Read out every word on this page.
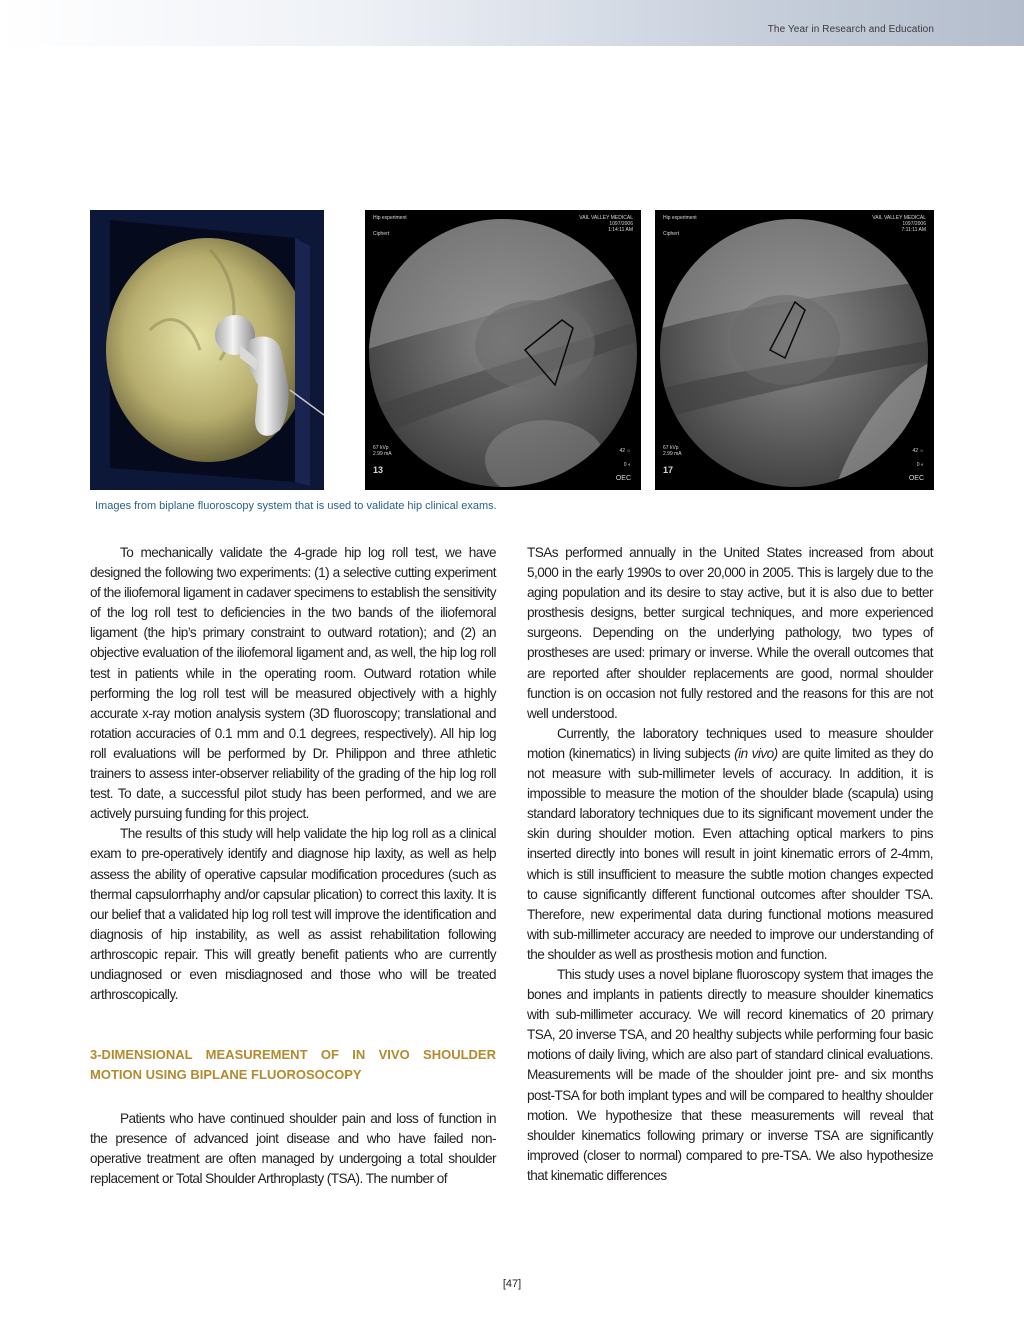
The Year in Research and Education
Hip experiment
Ciphert
VAIL VALLEY MEDICAL
1097/2006
1:14:11 AM
67 kVp
2.99 mA
13
42 ☼
0 ◐
OEC
Hip experiment
Ciphert
VAIL VALLEY MEDICAL
1097/2006
7:11:11 AM
67 kVp
2.99 mA
17
42 ☼
0 ◐
OEC
Images from biplane fluoroscopy system that is used to validate hip clinical exams.

To mechanically validate the 4-grade hip log roll test, we have designed the following two experiments: (1) a selective cutting experiment of the iliofemoral ligament in cadaver specimens to establish the sensitivity of the log roll test to deficiencies in the two bands of the iliofemoral ligament (the hip’s primary constraint to outward rotation); and (2) an objective evaluation of the iliofemoral ligament and, as well, the hip log roll test in patients while in the operating room. Outward rotation while performing the log roll test will be measured objectively with a highly accurate x-ray motion analysis system (3D fluoroscopy; translational and rotation accuracies of 0.1 mm and 0.1 degrees, respectively). All hip log roll evaluations will be performed by Dr. Philippon and three athletic trainers to assess inter-observer reliability of the grading of the hip log roll test. To date, a successful pilot study has been performed, and we are actively pursuing funding for this project.

The results of this study will help validate the hip log roll as a clinical exam to pre-operatively identify and diagnose hip laxity, as well as help assess the ability of operative capsular modification procedures (such as thermal capsulorrhaphy and/or capsular plication) to correct this laxity. It is our belief that a validated hip log roll test will improve the identification and diagnosis of hip instability, as well as assist rehabilitation following arthroscopic repair. This will greatly benefit patients who are currently undiagnosed or even misdiagnosed and those who will be treated arthroscopically.

3-DIMENSIONAL MEASUREMENT OF IN VIVO SHOULDER MOTION USING BIPLANE FLUOROSOCOPY

Patients who have continued shoulder pain and loss of function in the presence of advanced joint disease and who have failed non-operative treatment are often managed by undergoing a total shoulder replacement or Total Shoulder Arthroplasty (TSA). The number of

TSAs performed annually in the United States increased from about 5,000 in the early 1990s to over 20,000 in 2005. This is largely due to the aging population and its desire to stay active, but it is also due to better prosthesis designs, better surgical techniques, and more experienced surgeons. Depending on the underlying pathology, two types of prostheses are used: primary or inverse. While the overall outcomes that are reported after shoulder replacements are good, normal shoulder function is on occasion not fully restored and the reasons for this are not well understood.

Currently, the laboratory techniques used to measure shoulder motion (kinematics) in living subjects (in vivo) are quite limited as they do not measure with sub-millimeter levels of accuracy. In addition, it is impossible to measure the motion of the shoulder blade (scapula) using standard laboratory techniques due to its significant movement under the skin during shoulder motion. Even attaching optical markers to pins inserted directly into bones will result in joint kinematic errors of 2-4mm, which is still insufficient to measure the subtle motion changes expected to cause significantly different functional outcomes after shoulder TSA. Therefore, new experimental data during functional motions measured with sub-millimeter accuracy are needed to improve our understanding of the shoulder as well as prosthesis motion and function.

This study uses a novel biplane fluoroscopy system that images the bones and implants in patients directly to measure shoulder kinematics with sub-millimeter accuracy. We will record kinematics of 20 primary TSA, 20 inverse TSA, and 20 healthy subjects while performing four basic motions of daily living, which are also part of standard clinical evaluations. Measurements will be made of the shoulder joint pre- and six months post-TSA for both implant types and will be compared to healthy shoulder motion. We hypothesize that these measurements will reveal that shoulder kinematics following primary or inverse TSA are significantly improved (closer to normal) compared to pre-TSA. We also hypothesize that kinematic differences

[47]
